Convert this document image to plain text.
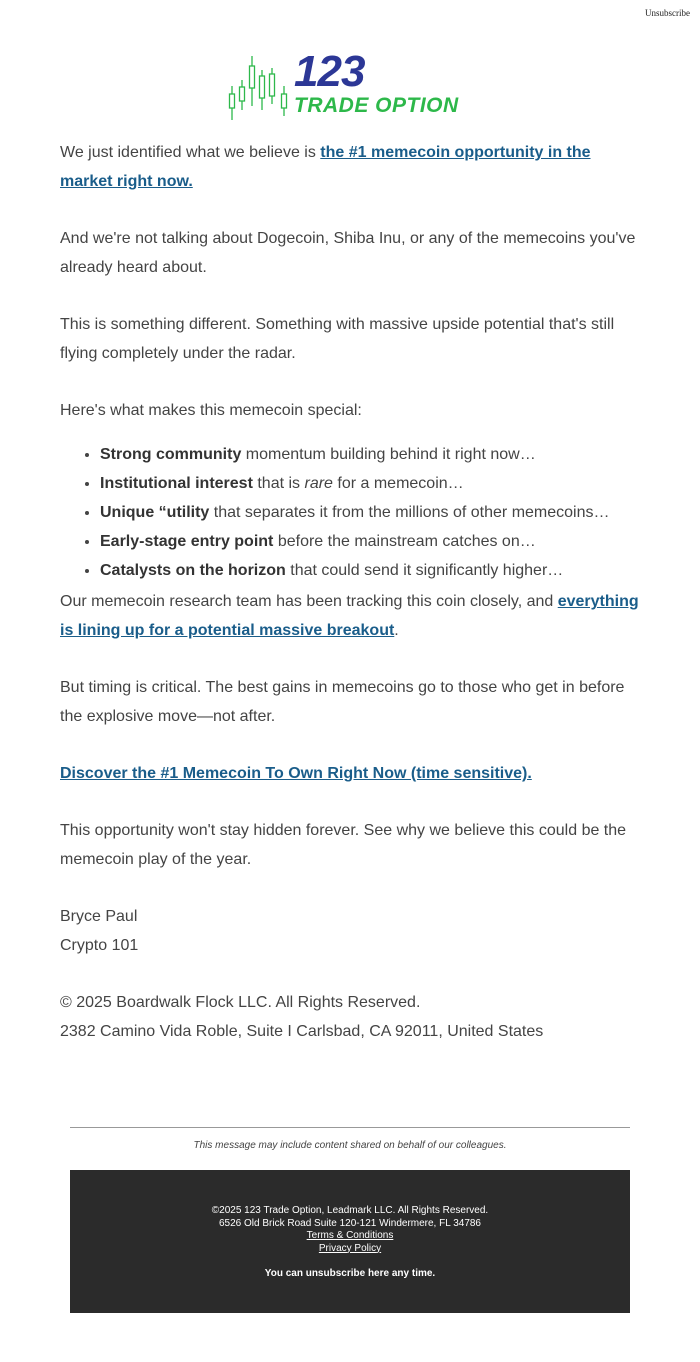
Unsubscribe
123
TRADE OPTION

We just identified what we believe is the #1 memecoin opportunity in the market right now.

And we're not talking about Dogecoin, Shiba Inu, or any of the memecoins you've already heard about.

This is something different. Something with massive upside potential that's still flying completely under the radar.

Here's what makes this memecoin special:

• Strong community momentum building behind it right now…
• Institutional interest that is rare for a memecoin…
• Unique “utility that separates it from the millions of other memecoins…
• Early-stage entry point before the mainstream catches on…
• Catalysts on the horizon that could send it significantly higher…

Our memecoin research team has been tracking this coin closely, and everything is lining up for a potential massive breakout.

But timing is critical. The best gains in memecoins go to those who get in before the explosive move—not after.

Discover the #1 Memecoin To Own Right Now (time sensitive).

This opportunity won't stay hidden forever. See why we believe this could be the memecoin play of the year.

Bryce Paul

Crypto 101

© 2025 Boardwalk Flock LLC. All Rights Reserved.

2382 Camino Vida Roble, Suite I Carlsbad, CA 92011, United States

This message may include content shared on behalf of our colleagues.
©2025 123 Trade Option, Leadmark LLC. All Rights Reserved.
6526 Old Brick Road Suite 120-121 Windermere, FL 34786
Terms & Conditions
Privacy Policy
You can unsubscribe here any time.
